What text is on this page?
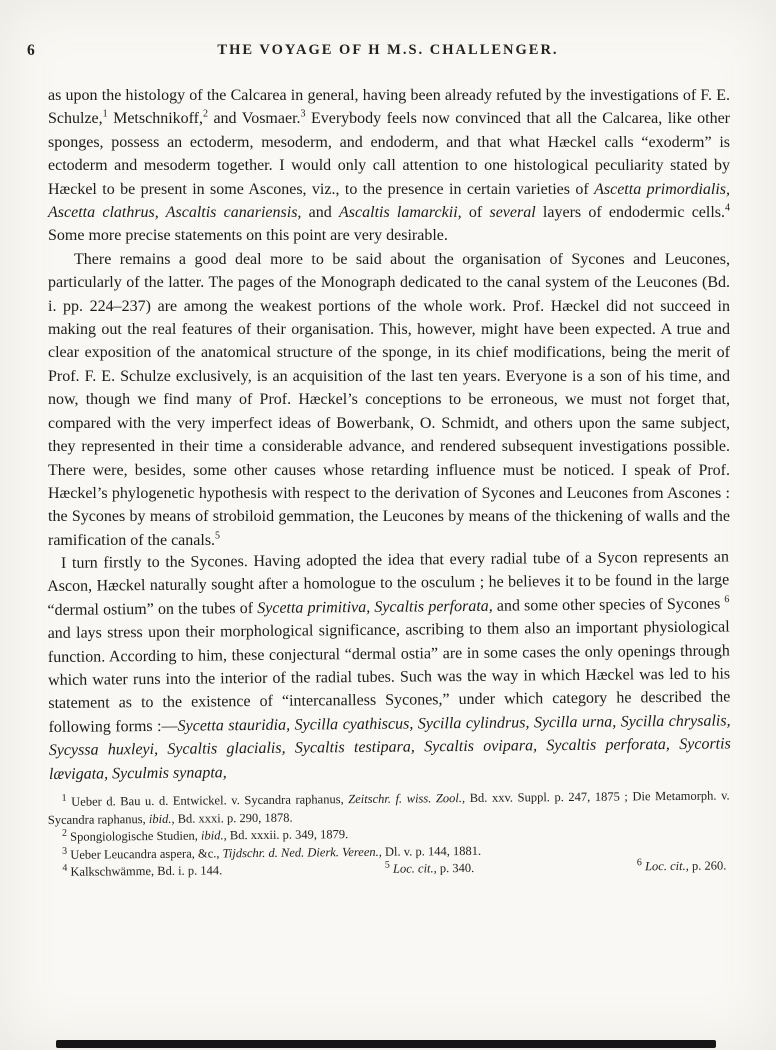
6	THE VOYAGE OF H M.S. CHALLENGER.

as upon the histology of the Calcarea in general, having been already refuted by the investigations of F. E. Schulze,$^1$ Metschnikoff,$^2$ and Vosmaer.$^3$ Everybody feels now convinced that all the Calcarea, like other sponges, possess an ectoderm, mesoderm, and endoderm, and that what Hæckel calls “exoderm” is ectoderm and mesoderm together. I would only call attention to one histological peculiarity stated by Hæckel to be present in some Ascones, viz., to the presence in certain varieties of Ascetta primordialis, Ascetta clathrus, Ascaltis canariensis, and Ascaltis lamarckii, of several layers of endodermic cells.$^4$ Some more precise statements on this point are very desirable.

There remains a good deal more to be said about the organisation of Sycones and Leucones, particularly of the latter. The pages of the Monograph dedicated to the canal system of the Leucones (Bd. i. pp. 224–237) are among the weakest portions of the whole work. Prof. Hæckel did not succeed in making out the real features of their organisation. This, however, might have been expected. A true and clear exposition of the anatomical structure of the sponge, in its chief modifications, being the merit of Prof. F. E. Schulze exclusively, is an acquisition of the last ten years. Everyone is a son of his time, and now, though we find many of Prof. Hæckel’s conceptions to be erroneous, we must not forget that, compared with the very imperfect ideas of Bowerbank, O. Schmidt, and others upon the same subject, they represented in their time a considerable advance, and rendered subsequent investigations possible. There were, besides, some other causes whose retarding influence must be noticed. I speak of Prof. Hæckel’s phylogenetic hypothesis with respect to the derivation of Sycones and Leucones from Ascones : the Sycones by means of strobiloid gemmation, the Leucones by means of the thickening of walls and the ramification of the canals.$^5$

I turn firstly to the Sycones. Having adopted the idea that every radial tube of a Sycon represents an Ascon, Hæckel naturally sought after a homologue to the osculum ; he believes it to be found in the large “dermal ostium” on the tubes of Sycetta primitiva, Sycaltis perforata, and some other species of Sycones $^6$ and lays stress upon their morphological significance, ascribing to them also an important physiological function. According to him, these conjectural “dermal ostia” are in some cases the only openings through which water runs into the interior of the radial tubes. Such was the way in which Hæckel was led to his statement as to the existence of “intercanalless Sycones,” under which category he described the following forms :—Sycetta stauridia, Sycilla cyathiscus, Sycilla cylindrus, Sycilla urna, Sycilla chrysalis, Sycyssa huxleyi, Sycaltis glacialis, Sycaltis testipara, Sycaltis ovipara, Sycaltis perforata, Sycortis lævigata, Syculmis synapta,

$^1$ Ueber d. Bau u. d. Entwickel. v. Sycandra raphanus, Zeitschr. f. wiss. Zool., Bd. xxv. Suppl. p. 247, 1875 ; Die Metamorph. v. Sycandra raphanus, ibid., Bd. xxxi. p. 290, 1878.

$^2$ Spongiologische Studien, ibid., Bd. xxxii. p. 349, 1879.

$^3$ Ueber Leucandra aspera, &c., Tijdschr. d. Ned. Dierk. Vereen., Dl. v. p. 144, 1881.

$^4$ Kalkschwämme, Bd. i. p. 144.	$^5$ Loc. cit., p. 340.	$^6$ Loc. cit., p. 260.
